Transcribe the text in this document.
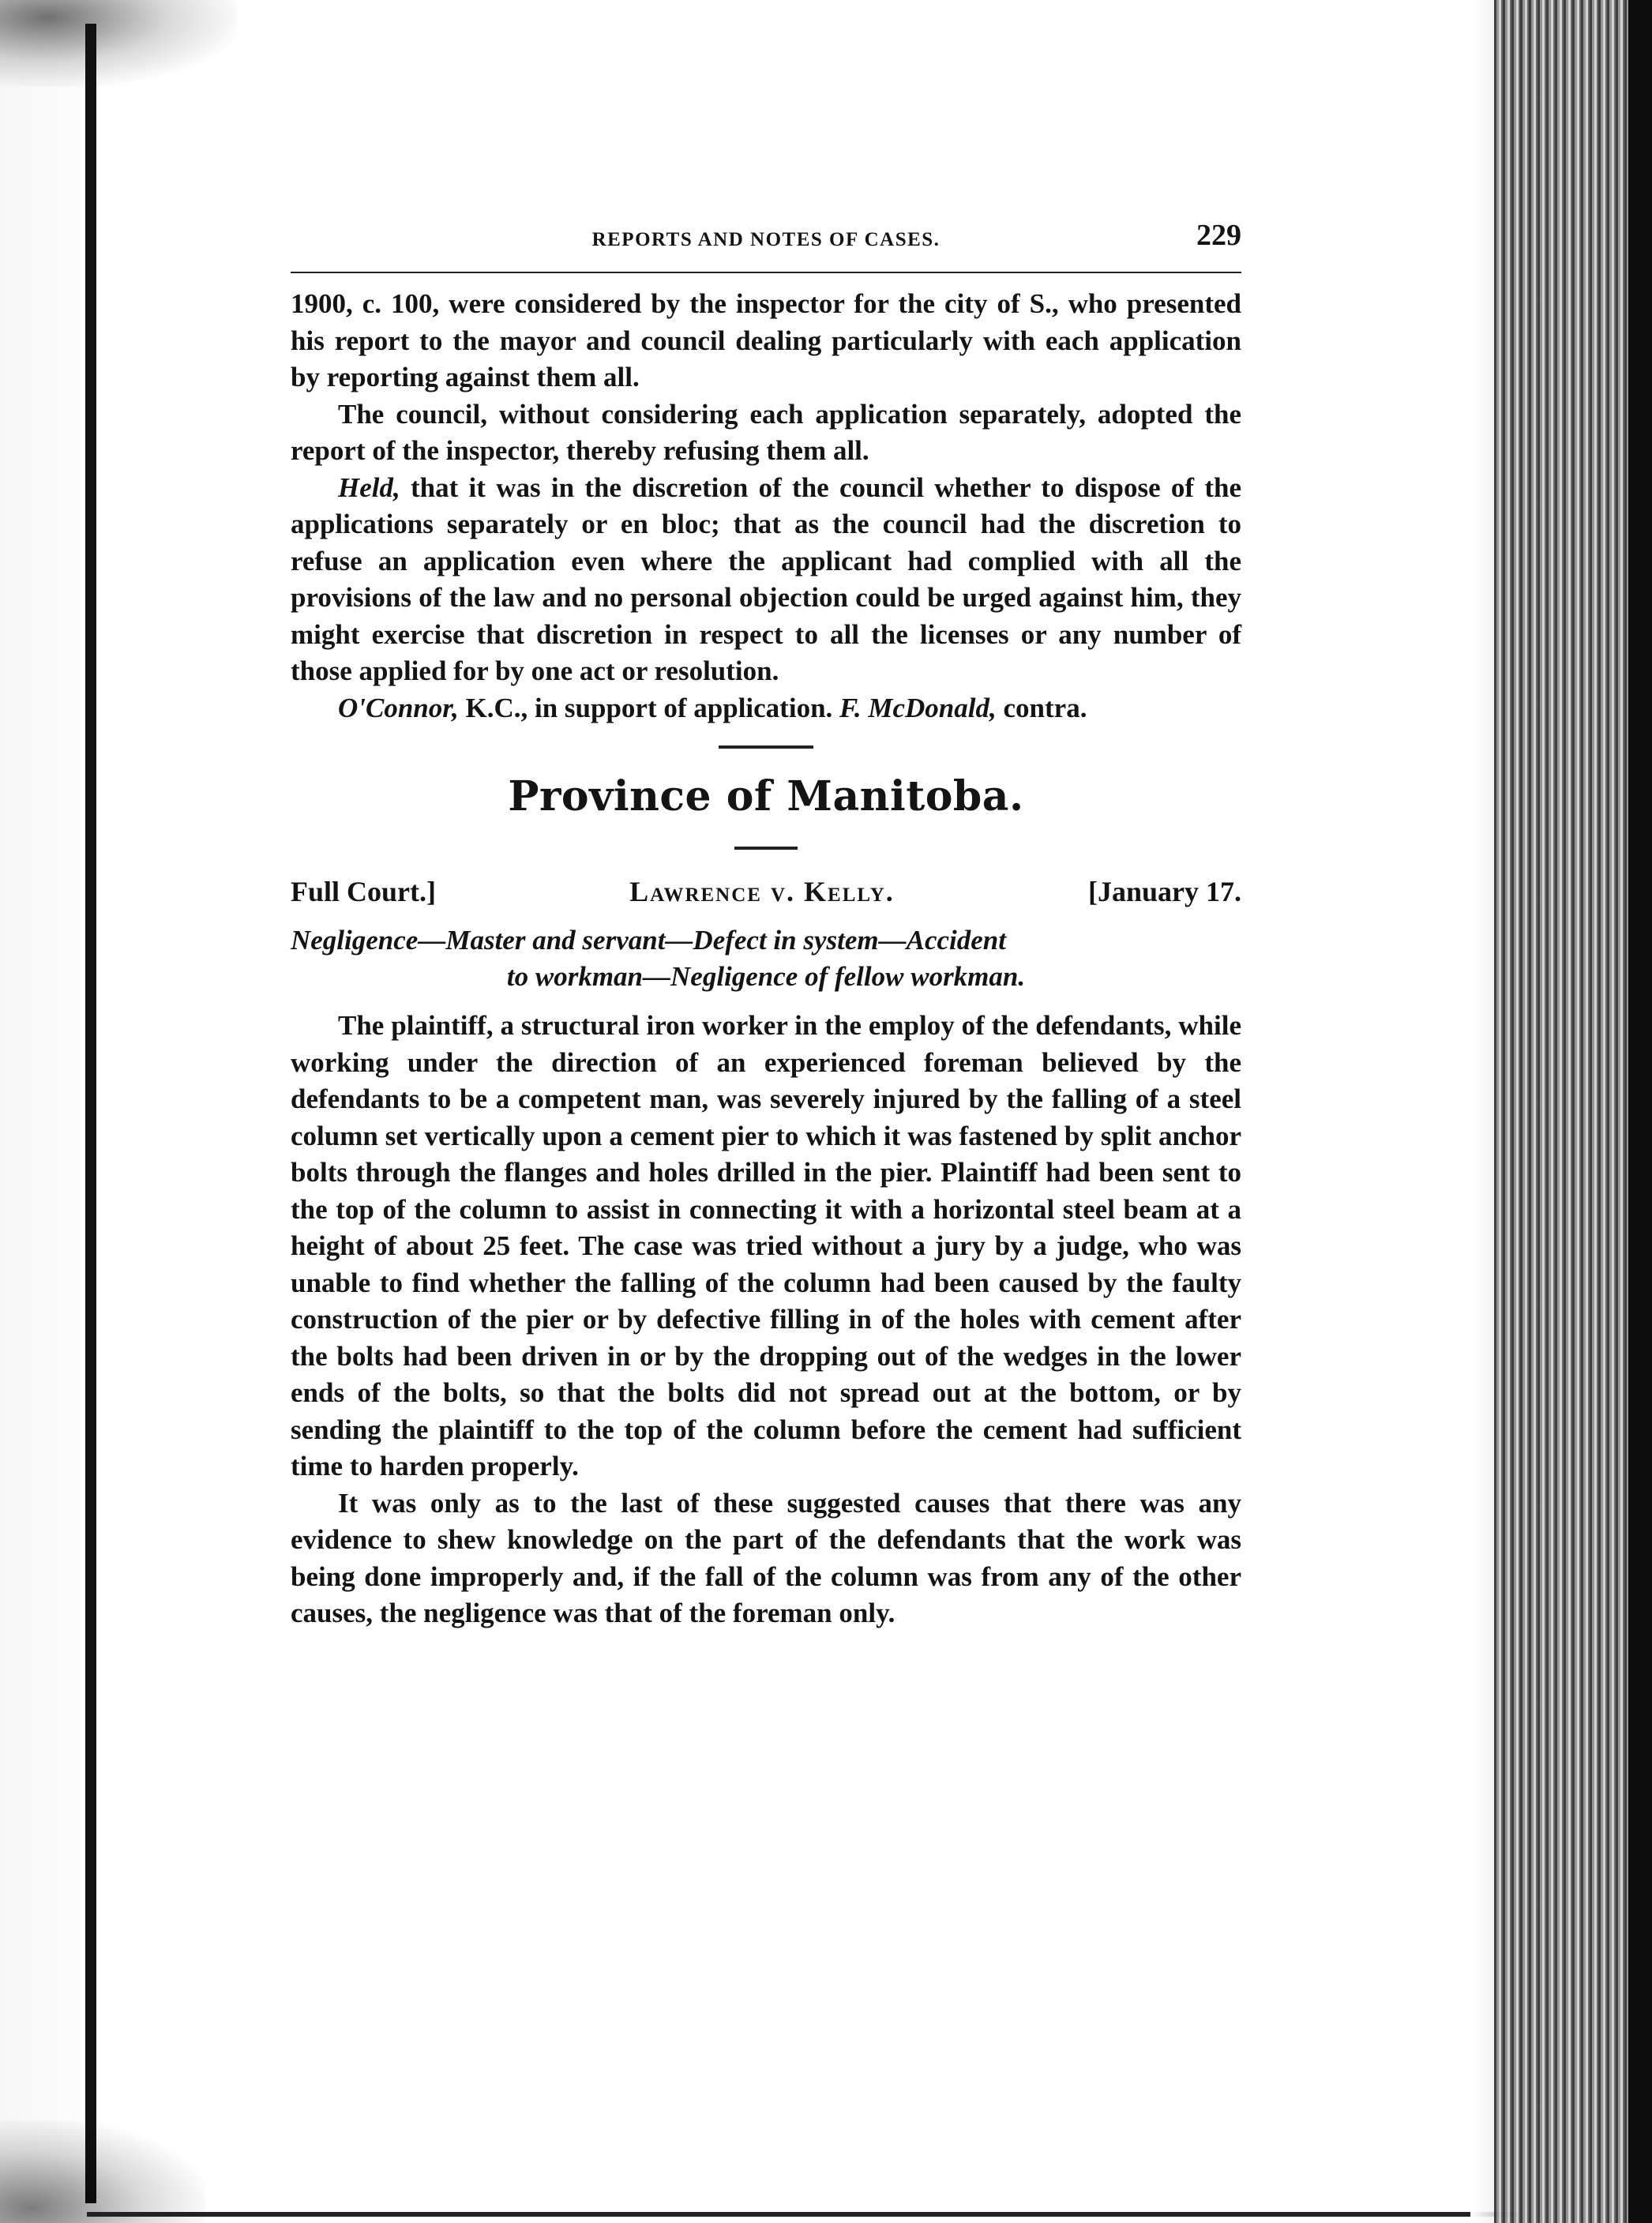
REPORTS AND NOTES OF CASES.	229

1900, c. 100, were considered by the inspector for the city of S., who presented his report to the mayor and council dealing particularly with each application by reporting against them all.

The council, without considering each application separately, adopted the report of the inspector, thereby refusing them all.

Held, that it was in the discretion of the council whether to dispose of the applications separately or en bloc; that as the council had the discretion to refuse an application even where the applicant had complied with all the provisions of the law and no personal objection could be urged against him, they might exercise that discretion in respect to all the licenses or any number of those applied for by one act or resolution.

O'Connor, K.C., in support of application. F. McDonald, contra.

Province of Manitoba.
Full Court.]	Lawrence v. Kelly.	[January 17.
Negligence—Master and servant—Defect in system—Accident
to workman—Negligence of fellow workman.

The plaintiff, a structural iron worker in the employ of the defendants, while working under the direction of an experienced foreman believed by the defendants to be a competent man, was severely injured by the falling of a steel column set vertically upon a cement pier to which it was fastened by split anchor bolts through the flanges and holes drilled in the pier. Plaintiff had been sent to the top of the column to assist in connecting it with a horizontal steel beam at a height of about 25 feet. The case was tried without a jury by a judge, who was unable to find whether the falling of the column had been caused by the faulty construction of the pier or by defective filling in of the holes with cement after the bolts had been driven in or by the dropping out of the wedges in the lower ends of the bolts, so that the bolts did not spread out at the bottom, or by sending the plaintiff to the top of the column before the cement had sufficient time to harden properly.

It was only as to the last of these suggested causes that there was any evidence to shew knowledge on the part of the defendants that the work was being done improperly and, if the fall of the column was from any of the other causes, the negligence was that of the foreman only.
